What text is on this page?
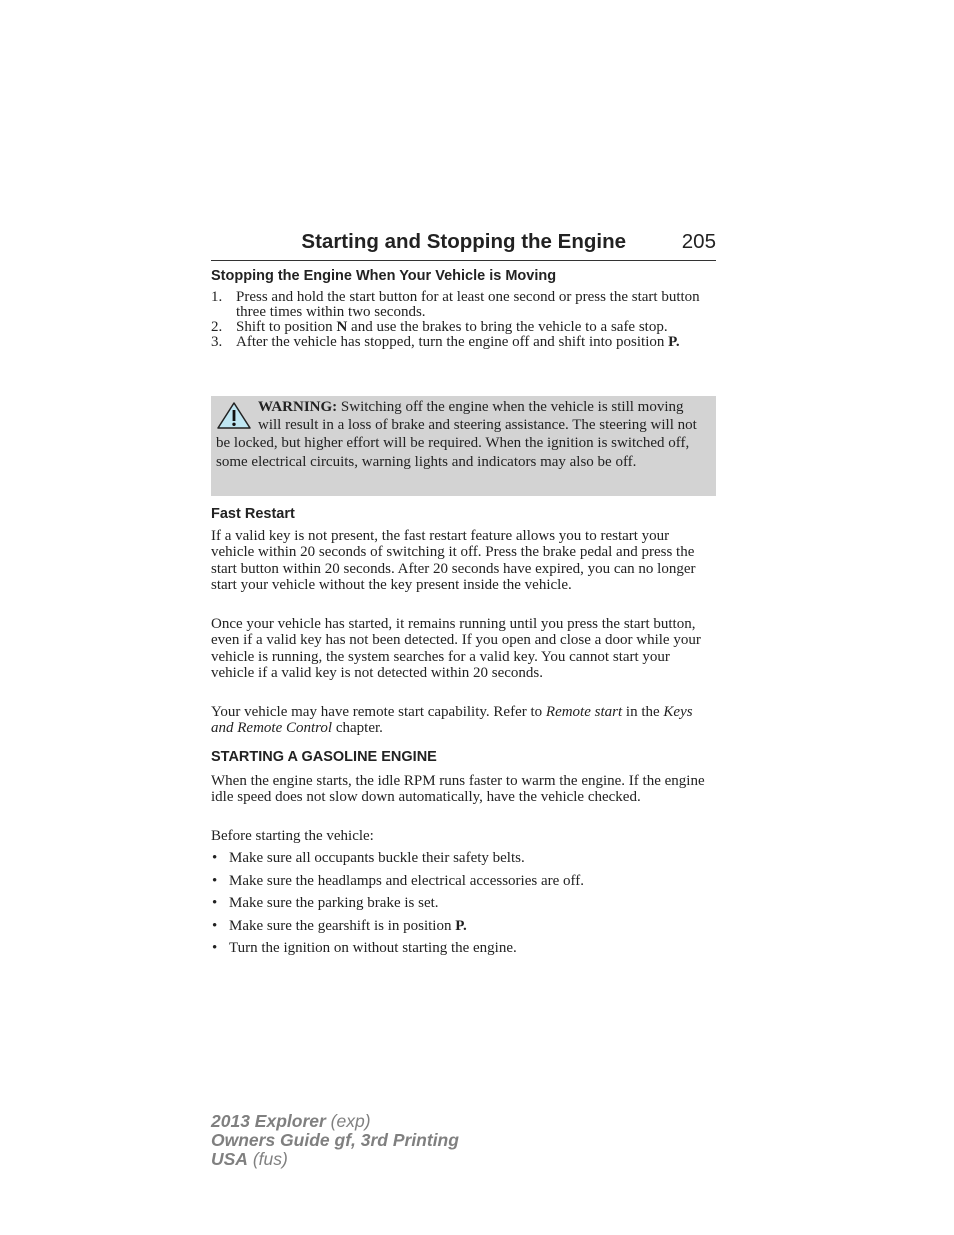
Starting and Stopping the Engine	205
Stopping the Engine When Your Vehicle is Moving
1. Press and hold the start button for at least one second or press the start button three times within two seconds.
2. Shift to position N and use the brakes to bring the vehicle to a safe stop.
3. After the vehicle has stopped, turn the engine off and shift into position P.
WARNING: Switching off the engine when the vehicle is still moving will result in a loss of brake and steering assistance. The steering will not be locked, but higher effort will be required. When the ignition is switched off, some electrical circuits, warning lights and indicators may also be off.
Fast Restart
If a valid key is not present, the fast restart feature allows you to restart your vehicle within 20 seconds of switching it off. Press the brake pedal and press the start button within 20 seconds. After 20 seconds have expired, you can no longer start your vehicle without the key present inside the vehicle.
Once your vehicle has started, it remains running until you press the start button, even if a valid key has not been detected. If you open and close a door while your vehicle is running, the system searches for a valid key. You cannot start your vehicle if a valid key is not detected within 20 seconds.
Your vehicle may have remote start capability. Refer to Remote start in the Keys and Remote Control chapter.
STARTING A GASOLINE ENGINE
When the engine starts, the idle RPM runs faster to warm the engine. If the engine idle speed does not slow down automatically, have the vehicle checked.
Before starting the vehicle:
• Make sure all occupants buckle their safety belts.
• Make sure the headlamps and electrical accessories are off.
• Make sure the parking brake is set.
• Make sure the gearshift is in position P.
• Turn the ignition on without starting the engine.
2013 Explorer (exp)
Owners Guide gf, 3rd Printing
USA (fus)
